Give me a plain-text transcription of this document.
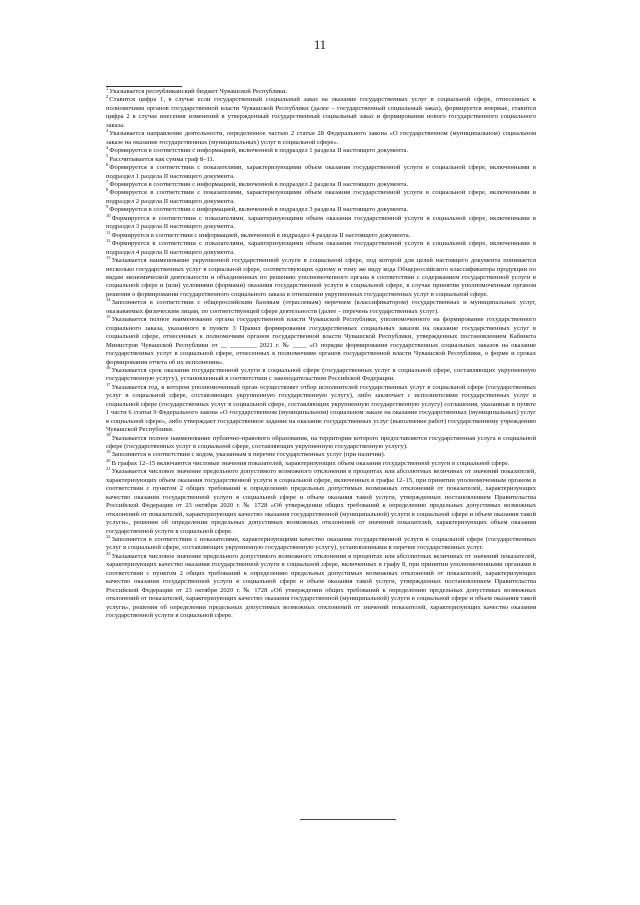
11

$^1$Указывается республиканский бюджет Чувашской Республики.

$^2$Ставится цифра 1, в случае если государственный социальный заказ на оказание государственных услуг в социальной сфере, отнесенных к полномочиям органов государственной власти Чувашской Республики (далее – государственный социальный заказ), формируется впервые, ставится цифра 2 в случае внесения изменений в утвержденный государственный социальный заказ и формирования нового государственного социального заказа.

$^3$Указывается направление деятельности, определенное частью 2 статьи 28 Федерального закона «О государственном (муниципальном) социальном заказе на оказание государственных (муниципальных) услуг в социальной сфере».

$^4$Формируется в соответствии с информацией, включенной в подраздел 1 раздела II настоящего документа.

$^5$Рассчитывается как сумма граф 8–11.

$^6$Формируется в соответствии с показателями, характеризующими объем оказания государственной услуги в социальной сфере, включенными в подраздел 1 раздела II настоящего документа.

$^7$Формируется в соответствии с информацией, включенной в подраздел 2 раздела II настоящего документа.

$^8$Формируется в соответствии с показателями, характеризующими объем оказания государственной услуги в социальной сфере, включенными в подраздел 2 раздела II настоящего документа.

$^9$Формируется в соответствии с информацией, включенной в подраздел 3 раздела II настоящего документа.

$^{10}$Формируется в соответствии с показателями, характеризующими объем оказания государственной услуги в социальной сфере, включенными в подраздел 3 раздела II настоящего документа.

$^{11}$Формируется в соответствии с информацией, включенной в подраздел 4 раздела II настоящего документа.

$^{12}$Формируется в соответствии с показателями, характеризующими объем оказания государственной услуги в социальной сфере, включенными в подраздел 4 раздела II настоящего документа.

$^{13}$Указывается наименование укрупненной государственной услуги в социальной сфере, под которой для целей настоящего документа понимается несколько государственных услуг в социальной сфере, соответствующих одному и тому же виду кода Общероссийского классификатора продукции по видам экономической деятельности и объединенных по решению уполномоченного органа в соответствии с содержанием государственной услуги в социальной сфере и (или) условиями (формами) оказания государственной услуги в социальной сфере, в случае принятия уполномоченным органом решения о формировании государственного социального заказа в отношении укрупненных государственных услуг в социальной сфере.

$^{14}$Заполняется в соответствии с общероссийским базовым (отраслевым) перечнем (классификатором) государственных и муниципальных услуг, оказываемых физическим лицам, по соответствующей сфере деятельности (далее – перечень государственных услуг).

$^{15}$Указывается полное наименование органа государственной власти Чувашской Республики, уполномоченного на формирование государственного социального заказа, указанного в пункте 3 Правил формирования государственных социальных заказов на оказание государственных услуг в социальной сфере, отнесенных к полномочиям органов государственной власти Чувашской Республики, утвержденных постановлением Кабинета Министров Чувашской Республики от __ ________ 2021 г. № ____ «О порядке формирования государственных социальных заказов на оказание государственных услуг в социальной сфере, отнесенных к полномочиям органов государственной власти Чувашской Республики, о форме и сроках формирования отчета об их исполнении».

$^{16}$Указывается срок оказания государственной услуги в социальной сфере (государственных услуг в социальной сфере, составляющих укрупненную государственную услугу), установленный в соответствии с законодательством Российской Федерации.

$^{17}$Указывается год, в котором уполномоченный орган осуществляет отбор исполнителей государственных услуг в социальной сфере (государственных услуг в социальной сфере, составляющих укрупненную государственную услугу), либо заключает с исполнителями государственных услуг в социальной сфере (государственных услуг в социальной сфере, составляющих укрупненную государственную услугу) соглашения, указанные в пункте 1 части 6 статьи 9 Федерального закона «О государственном (муниципальном) социальном заказе на оказание государственных (муниципальных) услуг в социальной сфере», либо утверждает государственное задание на оказание государственных услуг (выполнение работ) государственному учреждению Чувашской Республики.

$^{18}$Указывается полное наименование публично-правового образования, на территории которого предоставляется государственная услуга в социальной сфере (государственных услуг в социальной сфере, составляющих укрупненную государственную услугу).

$^{19}$Заполняется в соответствии с кодом, указанным в перечне государственных услуг (при наличии).

$^{20}$В графах 12–15 включаются числовые значения показателей, характеризующих объем оказания государственной услуги в социальной сфере.

$^{21}$Указывается числовое значение предельного допустимого возможного отклонения в процентах или абсолютных величинах от значений показателей, характеризующих объем оказания государственной услуги в социальной сфере, включенных в графы 12–15, при принятии уполномоченным органом в соответствии с пунктом 2 общих требований к определению предельных допустимых возможных отклонений от показателей, характеризующих качество оказания государственной услуги в социальной сфере и объем оказания такой услуги, утвержденных постановлением Правительства Российской Федерации от 23 октября 2020 г. № 1728 «Об утверждении общих требований к определению предельных допустимых возможных отклонений от показателей, характеризующих качество оказания государственной (муниципальной) услуги в социальной сфере и объем оказания такой услуги», решения об определении предельных допустимых возможных отклонений от значений показателей, характеризующих объем оказания государственной услуги в социальной сфере.

$^{22}$Заполняется в соответствии с показателями, характеризующими качество оказания государственной услуги в социальной сфере (государственных услуг в социальной сфере, составляющих укрупненную государственную услугу), установленными в перечне государственных услуг.

$^{23}$Указывается числовое значение предельного допустимого возможного отклонения в процентах или абсолютных величинах от значений показателей, характеризующих качество оказания государственной услуги в социальной сфере, включенных в графу 8, при принятии уполномоченными органами в соответствии с пунктом 2 общих требований к определению предельных допустимых возможных отклонений от показателей, характеризующих качество оказания государственной услуги в социальной сфере и объем оказания такой услуги, утвержденных постановлением Правительства Российской Федерации от 23 октября 2020 г. № 1728 «Об утверждении общих требований к определению предельных допустимых возможных отклонений от показателей, характеризующих качество оказания государственной (муниципальной) услуги в социальной сфере и объем оказания такой услуги», решения об определении предельных допустимых возможных отклонений от значений показателей, характеризующих качество оказания государственной услуги в социальной сфере.
